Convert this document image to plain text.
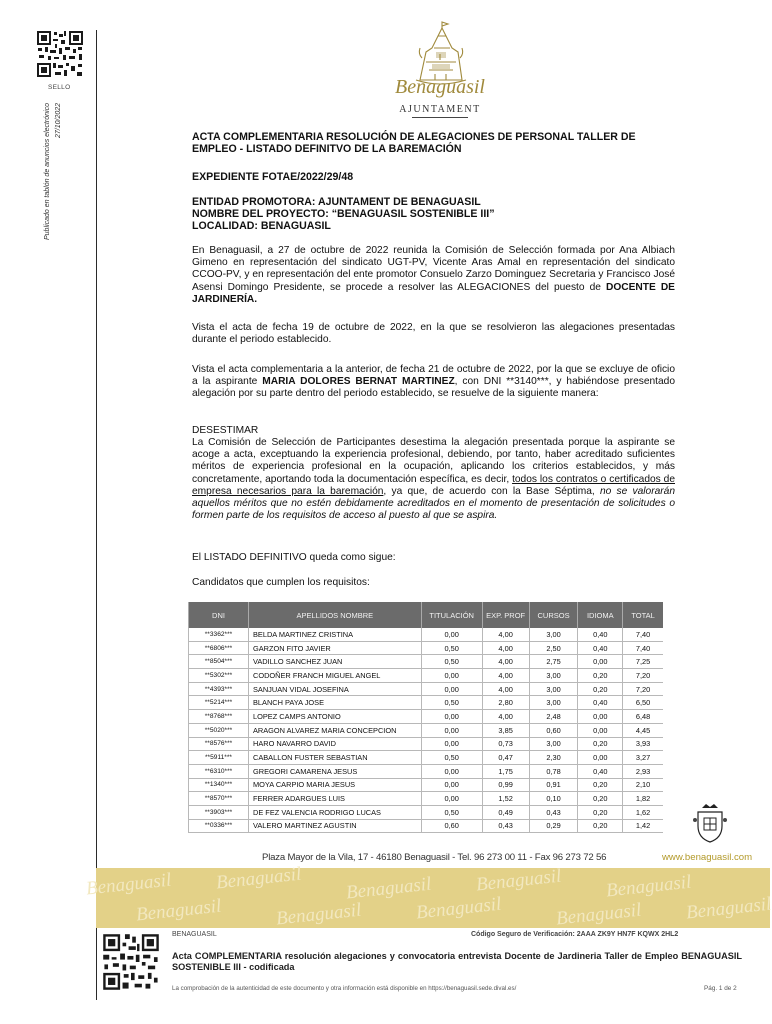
SELLO
Publicado en tablón de anuncios electrónico 27/10/2022
Benaguasil
AJUNTAMENT
ACTA COMPLEMENTARIA RESOLUCIÓN DE ALEGACIONES DE PERSONAL TALLER DE EMPLEO - LISTADO DEFINITVO DE LA BAREMACIÓN
EXPEDIENTE FOTAE/2022/29/48
ENTIDAD PROMOTORA: AJUNTAMENT DE BENAGUASIL
NOMBRE DEL PROYECTO: “BENAGUASIL SOSTENIBLE III”
LOCALIDAD: BENAGUASIL
En Benaguasil, a 27 de octubre de 2022 reunida la Comisión de Selección formada por Ana Albiach Gimeno en representación del sindicato UGT-PV, Vicente Aras Amal en representación del sindicato CCOO-PV, y en representación del ente promotor Consuelo Zarzo Dominguez Secretaria y Francisco José Asensi Domingo Presidente, se procede a resolver las ALEGACIONES del puesto de DOCENTE DE JARDINERÍA.
Vista el acta de fecha 19 de octubre de 2022, en la que se resolvieron las alegaciones presentadas durante el periodo establecido.
Vista el acta complementaria a la anterior, de fecha 21 de octubre de 2022, por la que se excluye de oficio a la aspirante MARIA DOLORES BERNAT MARTINEZ, con DNI **3140***, y habiéndose presentado alegación por su parte dentro del periodo establecido, se resuelve de la siguiente manera:
DESESTIMAR
La Comisión de Selección de Participantes desestima la alegación presentada porque la aspirante se acoge a acta, exceptuando la experiencia profesional, debiendo, por tanto, haber acreditado suficientes méritos de experiencia profesional en la ocupación, aplicando los criterios establecidos, y más concretamente, aportando toda la documentación específica, es decir, todos los contratos o certificados de empresa necesarios para la baremación, ya que, de acuerdo con la Base Séptima, no se valorarán aquellos méritos que no estén debidamente acreditados en el momento de presentación de solicitudes o formen parte de los requisitos de acceso al puesto al que se aspira.
El LISTADO DEFINITIVO queda como sigue:
Candidatos que cumplen los requisitos:
DNI	APELLIDOS NOMBRE	TITULACIÓN	EXP. PROF	CURSOS	IDIOMA	TOTAL
**3362***	BELDA MARTINEZ CRISTINA	0,00	4,00	3,00	0,40	7,40
**6806***	GARZON FITO JAVIER	0,50	4,00	2,50	0,40	7,40
**8504***	VADILLO SANCHEZ JUAN	0,50	4,00	2,75	0,00	7,25
**5302***	CODOÑER FRANCH MIGUEL ANGEL	0,00	4,00	3,00	0,20	7,20
**4393***	SANJUAN VIDAL JOSEFINA	0,00	4,00	3,00	0,20	7,20
**5214***	BLANCH PAYA JOSE	0,50	2,80	3,00	0,40	6,50
**8768***	LOPEZ CAMPS ANTONIO	0,00	4,00	2,48	0,00	6,48
**5020***	ARAGON ALVAREZ MARIA CONCEPCION	0,00	3,85	0,60	0,00	4,45
**8576***	HARO NAVARRO DAVID	0,00	0,73	3,00	0,20	3,93
**5911***	CABALLON FUSTER SEBASTIAN	0,50	0,47	2,30	0,00	3,27
**6310***	GREGORI CAMARENA JESUS	0,00	1,75	0,78	0,40	2,93
**1340***	MOYA CARPIO MARIA JESUS	0,00	0,99	0,91	0,20	2,10
**8570***	FERRER ADARGUES LUIS	0,00	1,52	0,10	0,20	1,82
**3903***	DE FEZ VALENCIA RODRIGO LUCAS	0,50	0,49	0,43	0,20	1,62
**0336***	VALERO MARTINEZ AGUSTIN	0,60	0,43	0,29	0,20	1,42
Plaza Mayor de la Vila, 17 - 46180 Benaguasil - Tel. 96 273 00 11 - Fax 96 273 72 56	www.benaguasil.com
Benaguasil Benaguasil Benaguasil Benaguasil Benaguasil
Benaguasil	Benaguasil	Benaguasil	Benaguasil Benaguasil
BENAGUASIL	Código Seguro de Verificación: 2AAA ZK9Y HN7F KQWX 2HL2
Acta COMPLEMENTARIA resolución alegaciones y convocatoria entrevista Docente de Jardineria Taller de Empleo BENAGUASIL SOSTENIBLE III - codificada
La comprobación de la autenticidad de este documento y otra información está disponible en https://benaguasil.sede.dival.es/	Pág. 1 de 2
